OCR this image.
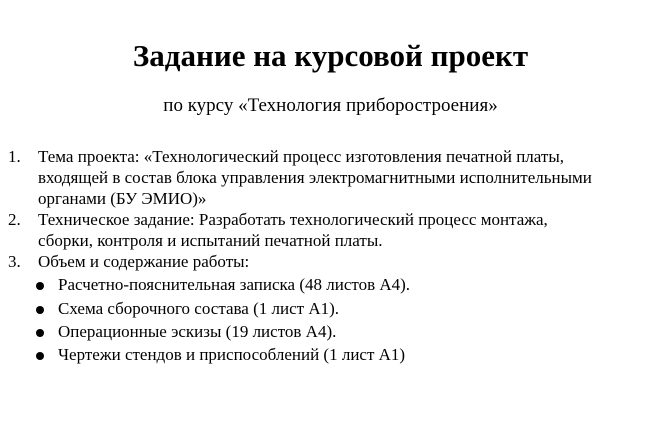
Задание на курсовой проект
по курсу «Технология приборостроения»
1.	Тема проекта: «Технологический процесс изготовления печатной платы,
входящей в состав блока управления электромагнитными исполнительными
органами (БУ ЭМИО)»
2.	Техническое задание: Разработать технологический процесс монтажа,
сборки, контроля и испытаний печатной платы.
3.	Объем и содержание работы:
Расчетно-пояснительная записка (48 листов А4).
Схема сборочного состава (1 лист А1).
Операционные эскизы (19 листов А4).
Чертежи стендов и приспособлений (1 лист А1)
